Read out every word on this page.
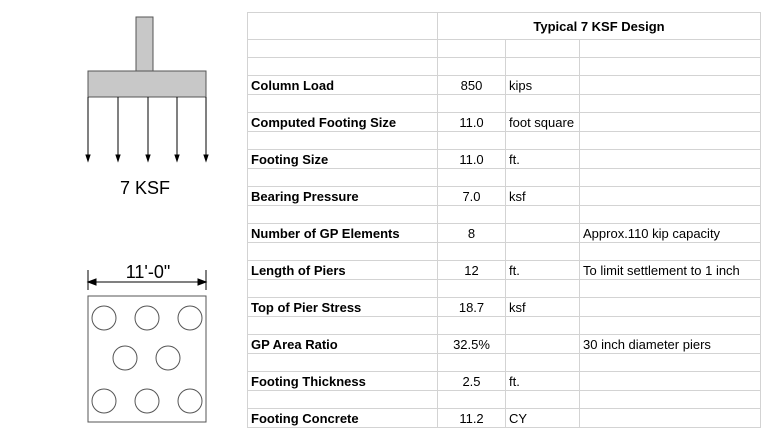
7 KSF
11'-0"
	Typical 7 KSF Design		

Column Load	850	kips	

Computed Footing Size	11.0	foot square	

Footing Size	11.0	ft.	

Bearing Pressure	7.0	ksf	

Number of GP Elements	8		Approx.110 kip capacity

Length of Piers	12	ft.	To limit settlement to 1 inch

Top of Pier Stress	18.7	ksf	

GP Area Ratio	32.5%		30 inch diameter piers

Footing Thickness	2.5	ft.	

Footing Concrete	11.2	CY	
